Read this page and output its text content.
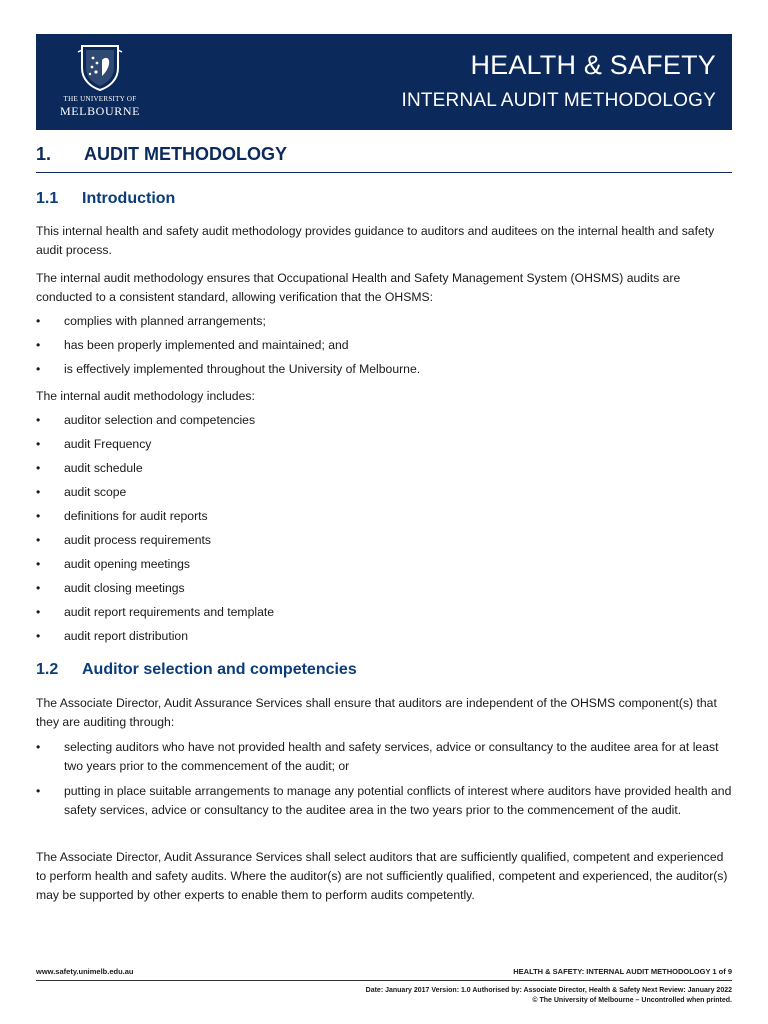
THE UNIVERSITY OF
MELBOURNE
HEALTH & SAFETY
INTERNAL AUDIT METHODOLOGY
1. AUDIT METHODOLOGY
1.1 Introduction

This internal health and safety audit methodology provides guidance to auditors and auditees on the internal health and safety audit process.

The internal audit methodology ensures that Occupational Health and Safety Management System (OHSMS) audits are conducted to a consistent standard, allowing verification that the OHSMS:

• complies with planned arrangements;
• has been properly implemented and maintained; and
• is effectively implemented throughout the University of Melbourne.

The internal audit methodology includes:

• auditor selection and competencies
• audit Frequency
• audit schedule
• audit scope
• definitions for audit reports
• audit process requirements
• audit opening meetings
• audit closing meetings
• audit report requirements and template
• audit report distribution
1.2 Auditor selection and competencies

The Associate Director, Audit Assurance Services shall ensure that auditors are independent of the OHSMS component(s) that they are auditing through:

• selecting auditors who have not provided health and safety services, advice or consultancy to the auditee area for at least two years prior to the commencement of the audit; or
• putting in place suitable arrangements to manage any potential conflicts of interest where auditors have provided health and safety services, advice or consultancy to the auditee area in the two years prior to the commencement of the audit.

The Associate Director, Audit Assurance Services shall select auditors that are sufficiently qualified, competent and experienced to perform health and safety audits. Where the auditor(s) are not sufficiently qualified, competent and experienced, the auditor(s) may be supported by other experts to enable them to perform audits competently.

www.safety.unimelb.edu.au	HEALTH & SAFETY: INTERNAL AUDIT METHODOLOGY 1 of 9
Date: January 2017 Version: 1.0 Authorised by: Associate Director, Health & Safety Next Review: January 2022
© The University of Melbourne – Uncontrolled when printed.
